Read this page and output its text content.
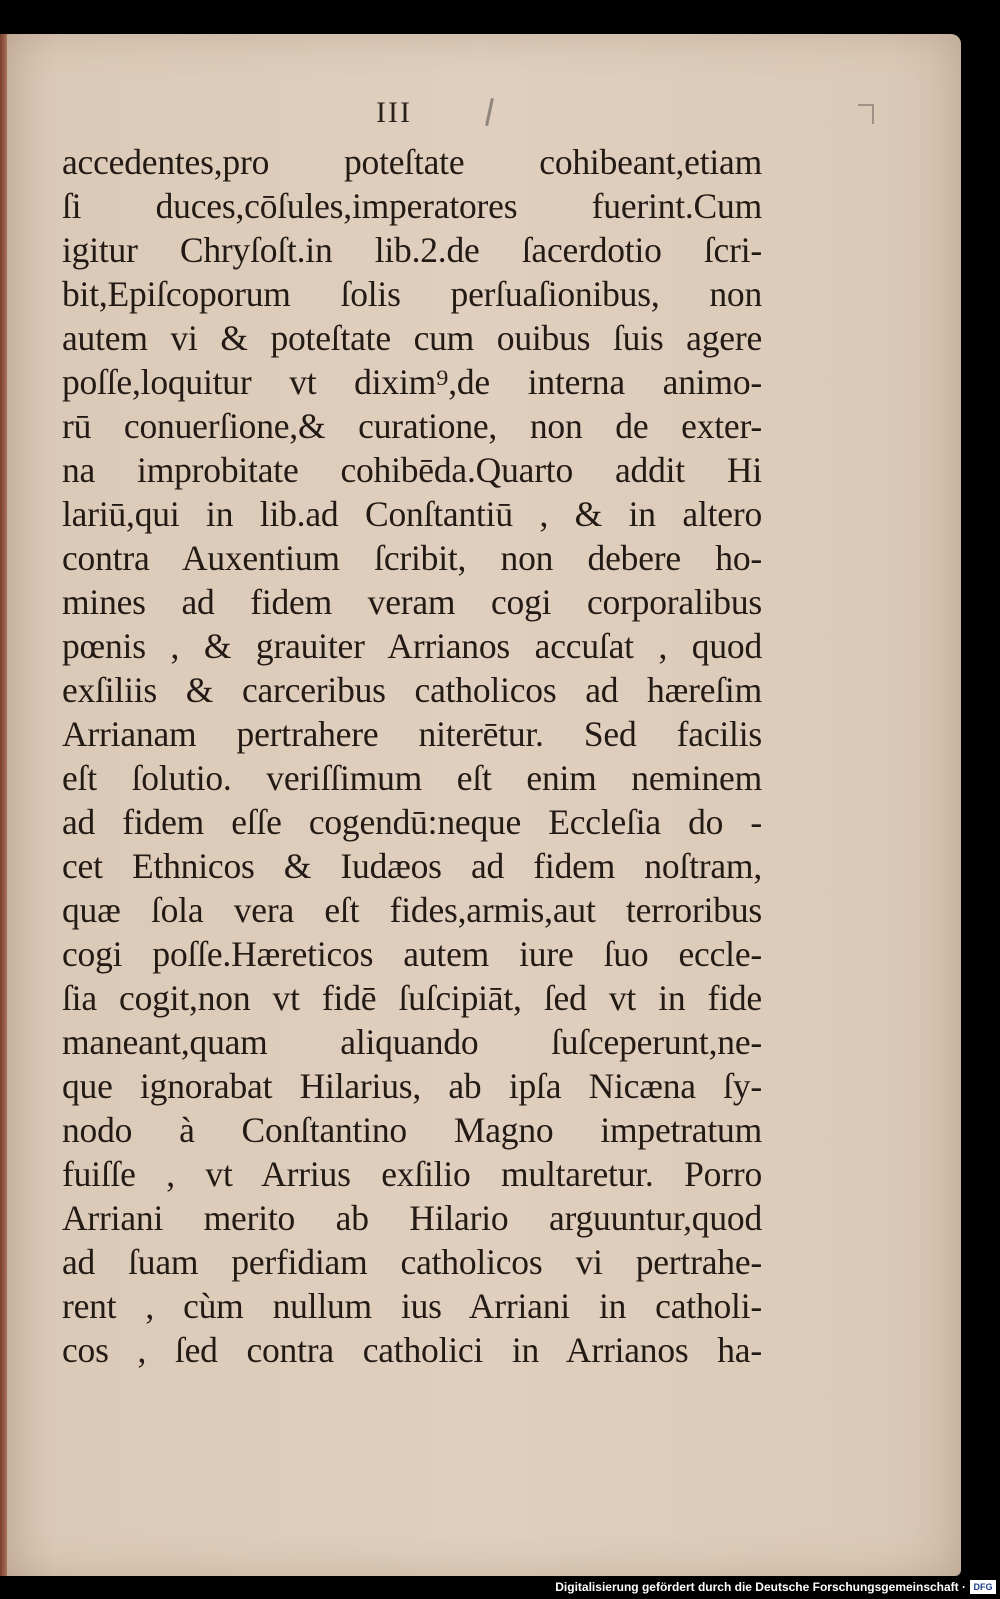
III
accedentes,pro poteſtate cohibeant,etiam
ſi duces,cōſules,imperatores fuerint.Cum
igitur Chryſoſt.in lib.2.de ſacerdotio ſcri-
bit,Epiſcoporum ſolis perſuaſionibus, non
autem vi & poteſtate cum ouibus ſuis agere
poſſe,loquitur vt dixim⁹,de interna animo-
rū conuerſione,& curatione, non de exter-
na improbitate cohibēda.Quarto addit Hi
lariū,qui in lib.ad Conſtantiū , & in altero
contra Auxentium ſcribit, non debere ho-
mines ad fidem veram cogi corporalibus
pœnis , & grauiter Arrianos accuſat , quod
exſiliis & carceribus catholicos ad hæreſim
Arrianam pertrahere niterētur. Sed facilis
eſt ſolutio. veriſſimum eſt enim neminem
ad fidem eſſe cogendū:neque Eccleſia do -
cet Ethnicos & Iudæos ad fidem noſtram,
quæ ſola vera eſt fides,armis,aut terroribus
cogi poſſe.Hæreticos autem iure ſuo eccle-
ſia cogit,non vt fidē ſuſcipiāt, ſed vt in fide
maneant,quam aliquando ſuſceperunt,ne-
que ignorabat Hilarius, ab ipſa Nicæna ſy-
nodo à Conſtantino Magno impetratum
fuiſſe , vt Arrius exſilio multaretur. Porro
Arriani merito ab Hilario arguuntur,quod
ad ſuam perfidiam catholicos vi pertrahe-
rent , cùm nullum ius Arriani in catholi-
cos , ſed contra catholici in Arrianos ha-
Digitalisierung gefördert durch die Deutsche Forschungsgemeinschaft · DFG
